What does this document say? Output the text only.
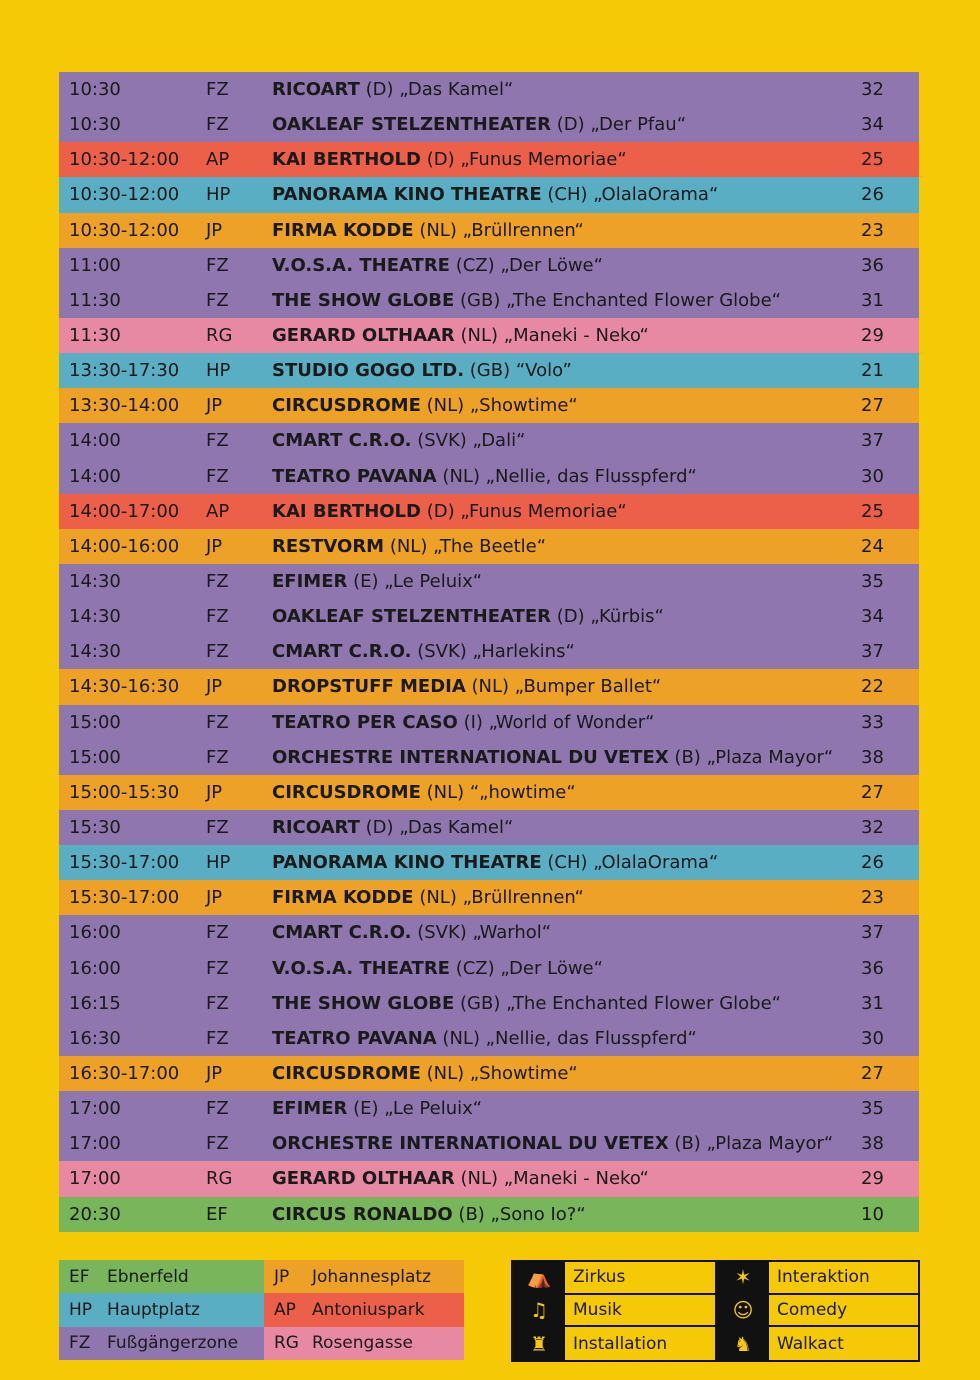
10:30	FZ	RICOART (D) „Das Kamel“	32
10:30	FZ	OAKLEAF STELZENTHEATER (D) „Der Pfau“	34
10:30-12:00	AP	KAI BERTHOLD (D) „Funus Memoriae“	25
10:30-12:00	HP	PANORAMA KINO THEATRE (CH) „OlalaOrama“	26
10:30-12:00	JP	FIRMA KODDE (NL) „Brüllrennen“	23
11:00	FZ	V.O.S.A. THEATRE (CZ) „Der Löwe“	36
11:30	FZ	THE SHOW GLOBE (GB) „The Enchanted Flower Globe“	31
11:30	RG	GERARD OLTHAAR (NL) „Maneki - Neko“	29
13:30-17:30	HP	STUDIO GOGO LTD. (GB) “Volo”	21
13:30-14:00	JP	CIRCUSDROME (NL) „Showtime“	27
14:00	FZ	CMART C.R.O. (SVK) „Dali“	37
14:00	FZ	TEATRO PAVANA (NL) „Nellie, das Flusspferd“	30
14:00-17:00	AP	KAI BERTHOLD (D) „Funus Memoriae“	25
14:00-16:00	JP	RESTVORM (NL) „The Beetle“	24
14:30	FZ	EFIMER (E) „Le Peluix“	35
14:30	FZ	OAKLEAF STELZENTHEATER (D) „Kürbis“	34
14:30	FZ	CMART C.R.O. (SVK) „Harlekins“	37
14:30-16:30	JP	DROPSTUFF MEDIA (NL) „Bumper Ballet“	22
15:00	FZ	TEATRO PER CASO (I) „World of Wonder“	33
15:00	FZ	ORCHESTRE INTERNATIONAL DU VETEX (B) „Plaza Mayor“	38
15:00-15:30	JP	CIRCUSDROME (NL) “„howtime“	27
15:30	FZ	RICOART (D) „Das Kamel“	32
15:30-17:00	HP	PANORAMA KINO THEATRE (CH) „OlalaOrama“	26
15:30-17:00	JP	FIRMA KODDE (NL) „Brüllrennen“	23
16:00	FZ	CMART C.R.O. (SVK) „Warhol“	37
16:00	FZ	V.O.S.A. THEATRE (CZ) „Der Löwe“	36
16:15	FZ	THE SHOW GLOBE (GB) „The Enchanted Flower Globe“	31
16:30	FZ	TEATRO PAVANA (NL) „Nellie, das Flusspferd“	30
16:30-17:00	JP	CIRCUSDROME (NL) „Showtime“	27
17:00	FZ	EFIMER (E) „Le Peluix“	35
17:00	FZ	ORCHESTRE INTERNATIONAL DU VETEX (B) „Plaza Mayor“	38
17:00	RG	GERARD OLTHAAR (NL) „Maneki - Neko“	29
20:30	EF	CIRCUS RONALDO (B) „Sono Io?“	10
EF	Ebnerfeld	JP	Johannesplatz
HP Hauptplatz	AP Antoniuspark
FZ Fußgängerzone	RG Rosengasse
⛺	Zirkus	✶	Interaktion
♫	Musik	☺	Comedy
♜	Installation	♞	Walkact
